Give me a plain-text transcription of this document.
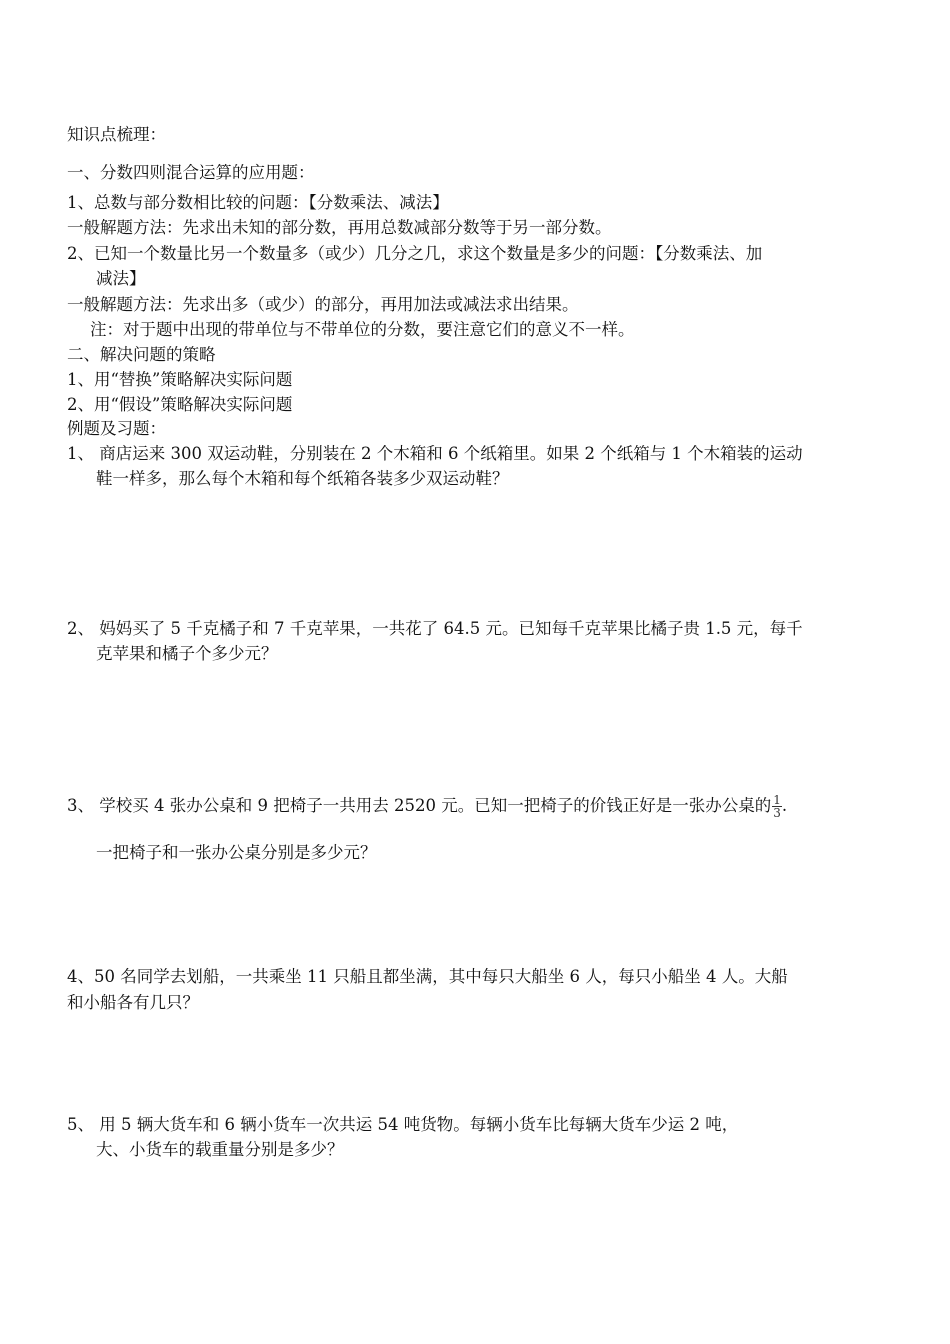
知识点梳理：
一、分数四则混合运算的应用题：
1、总数与部分数相比较的问题：【分数乘法、减法】
一般解题方法：先求出未知的部分数，再用总数减部分数等于另一部分数。
2、已知一个数量比另一个数量多（或少）几分之几，求这个数量是多少的问题：【分数乘法、加
减法】
一般解题方法：先求出多（或少）的部分，再用加法或减法求出结果。
注：对于题中出现的带单位与不带单位的分数，要注意它们的意义不一样。
二、解决问题的策略
1、用“替换”策略解决实际问题
2、用“假设”策略解决实际问题
例题及习题：
1、 商店运来 300 双运动鞋，分别装在 2 个木箱和 6 个纸箱里。如果 2 个纸箱与 1 个木箱装的运动
鞋一样多，那么每个木箱和每个纸箱各装多少双运动鞋？
2、 妈妈买了 5 千克橘子和 7 千克苹果，一共花了 64.5 元。已知每千克苹果比橘子贵 1.5 元，每千
克苹果和橘子个多少元？
3、 学校买 4 张办公桌和 9 把椅子一共用去 2520 元。已知一把椅子的价钱正好是一张办公桌的 $\frac{1}{3}$ .
一把椅子和一张办公桌分别是多少元？
4、50 名同学去划船，一共乘坐 11 只船且都坐满，其中每只大船坐 6 人，每只小船坐 4 人。大船
和小船各有几只？
5、 用 5 辆大货车和 6 辆小货车一次共运 54 吨货物。每辆小货车比每辆大货车少运 2 吨，
大、小货车的载重量分别是多少？
